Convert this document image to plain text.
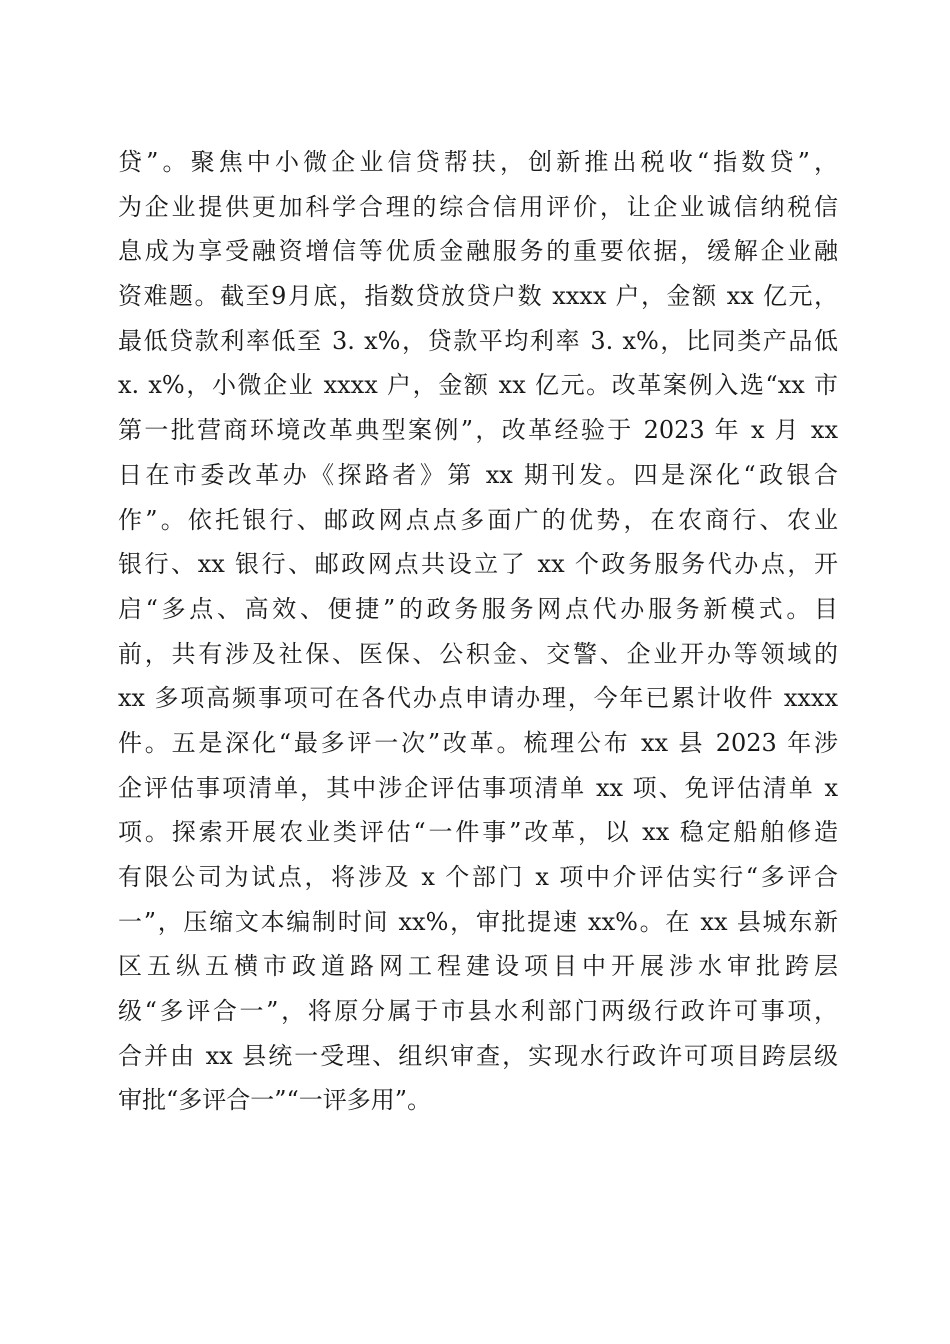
贷”。聚焦中小微企业信贷帮扶，创新推出税收“指数贷”，
为企业提供更加科学合理的综合信用评价，让企业诚信纳税信
息成为享受融资增信等优质金融服务的重要依据，缓解企业融
资难题。截至9月底，指数贷放贷户数 xxxx 户，金额 xx 亿元，
最低贷款利率低至 3. x%，贷款平均利率 3. x%，比同类产品低
x. x%，小微企业 xxxx 户，金额 xx 亿元。改革案例入选“xx 市
第一批营商环境改革典型案例”，改革经验于 2023 年 x 月 xx
日在市委改革办《探路者》第 xx 期刊发。四是深化“政银合
作”。依托银行、邮政网点点多面广的优势，在农商行、农业
银行、xx 银行、邮政网点共设立了 xx 个政务服务代办点，开
启“多点、高效、便捷”的政务服务网点代办服务新模式。目
前，共有涉及社保、医保、公积金、交警、企业开办等领域的
xx 多项高频事项可在各代办点申请办理，今年已累计收件 xxxx
件。五是深化“最多评一次”改革。梳理公布 xx 县 2023 年涉
企评估事项清单，其中涉企评估事项清单 xx 项、免评估清单 x
项。探索开展农业类评估“一件事”改革，以 xx 稳定船舶修造
有限公司为试点，将涉及 x 个部门 x 项中介评估实行“多评合
一”，压缩文本编制时间 xx%，审批提速 xx%。在 xx 县城东新
区五纵五横市政道路网工程建设项目中开展涉水审批跨层
级“多评合一”，将原分属于市县水利部门两级行政许可事项，
合并由 xx 县统一受理、组织审查，实现水行政许可项目跨层级
审批“多评合一”“一评多用”。
